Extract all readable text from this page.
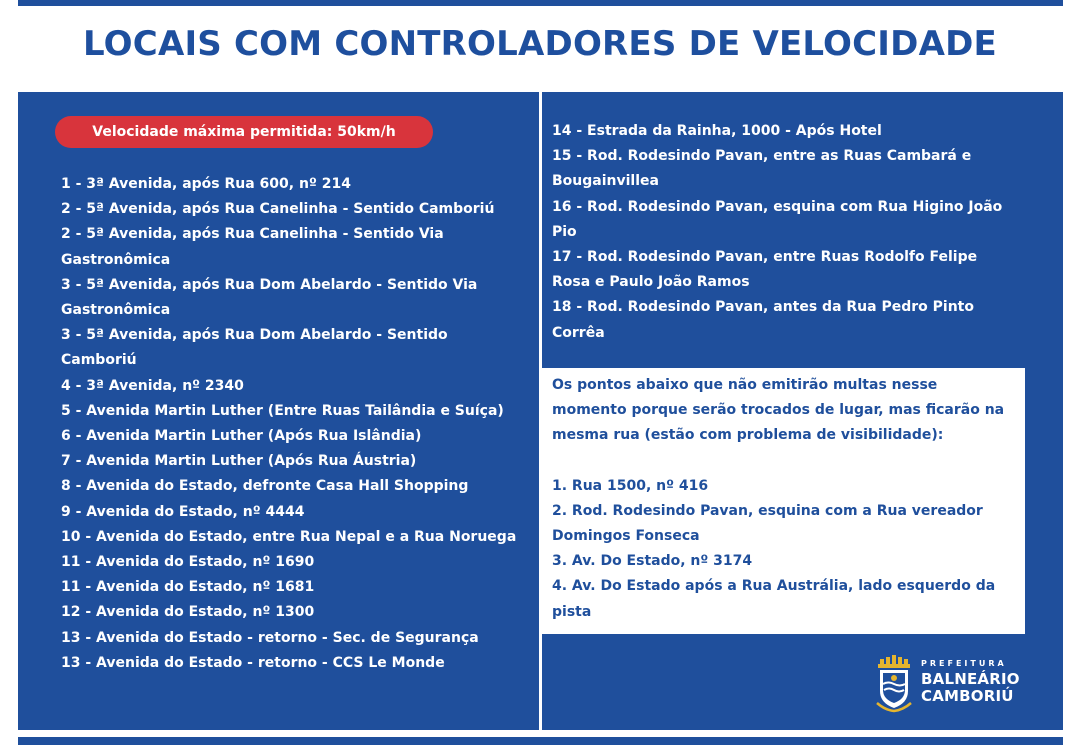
LOCAIS COM CONTROLADORES DE VELOCIDADE
Velocidade máxima permitida: 50km/h
1 - 3ª Avenida, após Rua 600, nº 214
2 - 5ª Avenida, após Rua Canelinha - Sentido Camboriú
2 - 5ª Avenida, após Rua Canelinha - Sentido Via
Gastronômica
3 - 5ª Avenida, após Rua Dom Abelardo - Sentido Via
Gastronômica
3 - 5ª Avenida, após Rua Dom Abelardo - Sentido
Camboriú
4 - 3ª Avenida, nº 2340
5 - Avenida Martin Luther (Entre Ruas Tailândia e Suíça)
6 - Avenida Martin Luther (Após Rua Islândia)
7 - Avenida Martin Luther (Após Rua Áustria)
8 - Avenida do Estado, defronte Casa Hall Shopping
9 - Avenida do Estado, nº 4444
10 - Avenida do Estado, entre Rua Nepal e a Rua Noruega
11 - Avenida do Estado, nº 1690
11 - Avenida do Estado, nº 1681
12 - Avenida do Estado, nº 1300
13 - Avenida do Estado - retorno - Sec. de Segurança
13 - Avenida do Estado - retorno - CCS Le Monde
14 - Estrada da Rainha, 1000 - Após Hotel
15 - Rod. Rodesindo Pavan, entre as Ruas Cambará e
Bougainvillea
16 - Rod. Rodesindo Pavan, esquina com Rua Higino João
Pio
17 - Rod. Rodesindo Pavan, entre Ruas Rodolfo Felipe
Rosa e Paulo João Ramos
18 - Rod. Rodesindo Pavan, antes da Rua Pedro Pinto
Corrêa
Os pontos abaixo que não emitirão multas nesse
momento porque serão trocados de lugar, mas ficarão na
mesma rua (estão com problema de visibilidade):
1. Rua 1500, nº 416
2. Rod. Rodesindo Pavan, esquina com a Rua vereador
Domingos Fonseca
3. Av. Do Estado, nº 3174
4. Av. Do Estado após a Rua Austrália, lado esquerdo da
pista
PREFEITURA
BALNEÁRIO
CAMBORIÚ
